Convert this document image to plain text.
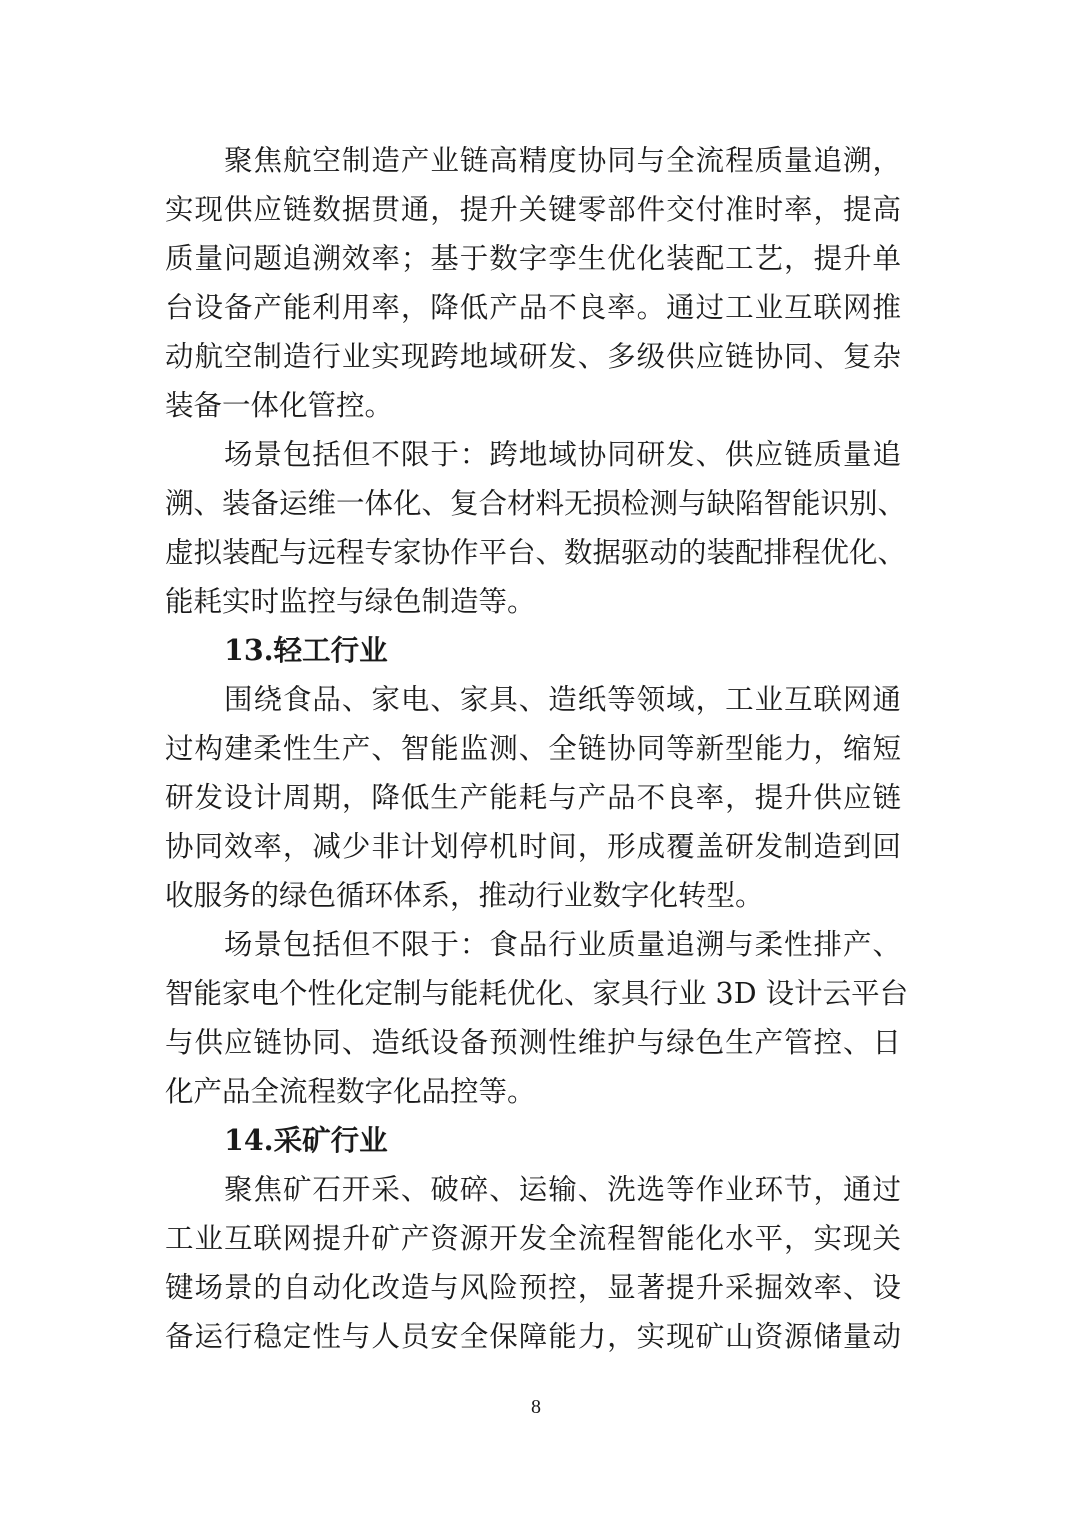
聚焦航空制造产业链高精度协同与全流程质量追溯，
实现供应链数据贯通，提升关键零部件交付准时率，提高
质量问题追溯效率；基于数字孪生优化装配工艺，提升单
台设备产能利用率，降低产品不良率。通过工业互联网推
动航空制造行业实现跨地域研发、多级供应链协同、复杂
装备一体化管控。
场景包括但不限于：跨地域协同研发、供应链质量追
溯、装备运维一体化、复合材料无损检测与缺陷智能识别、
虚拟装配与远程专家协作平台、数据驱动的装配排程优化、
能耗实时监控与绿色制造等。
13.轻工行业
围绕食品、家电、家具、造纸等领域，工业互联网通
过构建柔性生产、智能监测、全链协同等新型能力，缩短
研发设计周期，降低生产能耗与产品不良率，提升供应链
协同效率，减少非计划停机时间，形成覆盖研发制造到回
收服务的绿色循环体系，推动行业数字化转型。
场景包括但不限于：食品行业质量追溯与柔性排产、
智能家电个性化定制与能耗优化、家具行业 3D 设计云平台
与供应链协同、造纸设备预测性维护与绿色生产管控、日
化产品全流程数字化品控等。
14.采矿行业
聚焦矿石开采、破碎、运输、洗选等作业环节，通过
工业互联网提升矿产资源开发全流程智能化水平，实现关
键场景的自动化改造与风险预控，显著提升采掘效率、设
备运行稳定性与人员安全保障能力，实现矿山资源储量动
8
